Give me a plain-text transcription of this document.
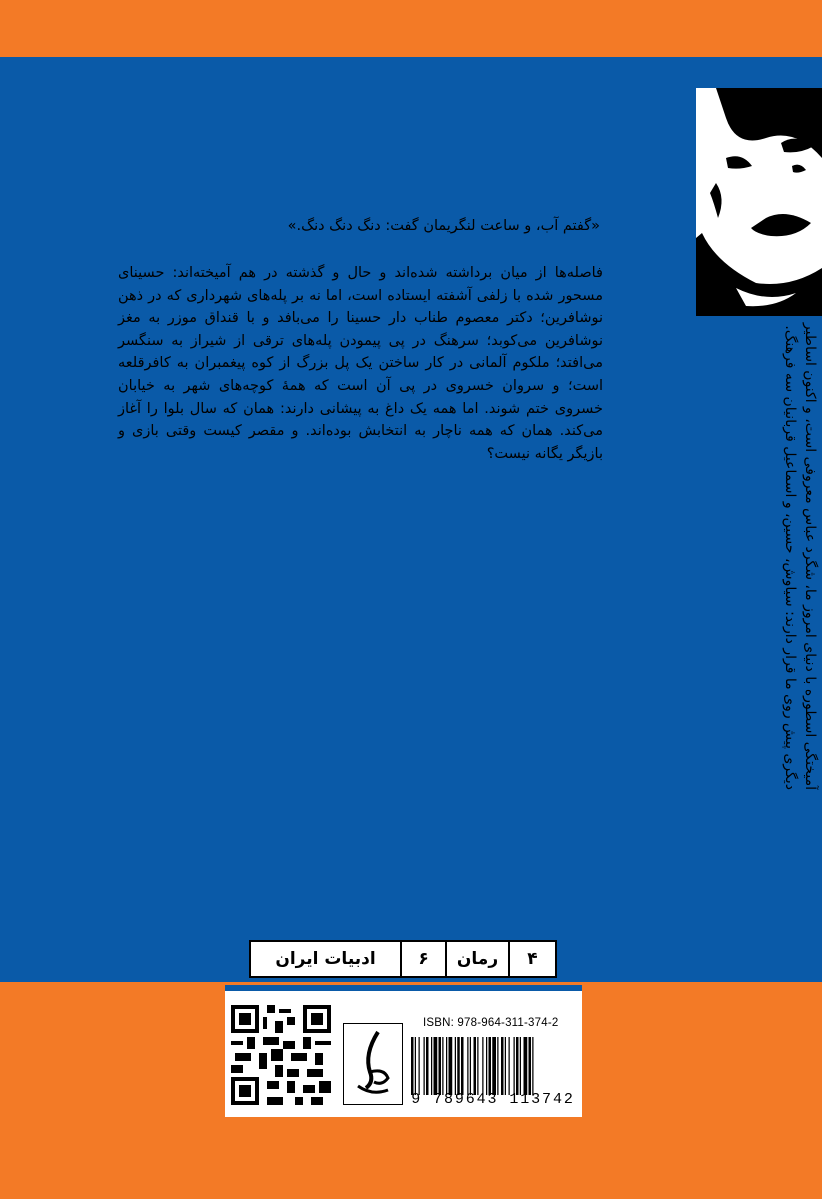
آمیختگی اسطوره با دنیای امروز ما، شگرد عباس معروفی است، و اکنون اساطیر دیگری پیش روی ما قرار دارند: سیاوش، حسین، و اسماعیل قربانیان سه فرهنگ.
«گفتم آب، و ساعت لنگریمان گفت: دنگ دنگ دنگ.»
فاصله‌ها از میان برداشته شده‌اند و حال و گذشته در هم آمیخته‌اند: حسینای مسحور شده با زلفی آشفته ایستاده است، اما نه بر پله‌های شهرداری که در ذهن نوشافرین؛ دکتر معصوم طناب دار حسینا را می‌بافد و با قنداق موزر به مغز نوشافرین می‌کوبد؛ سرهنگ در پی پیمودن پله‌های ترقی از شیراز به سنگسر می‌افتد؛ ملکوم آلمانی در کار ساختن یک پل بزرگ از کوه پیغمبران به کافرقلعه است؛ و سروان خسروی در پی آن است که همهٔ کوچه‌های شهر به خیابان خسروی ختم شوند. اما همه یک داغ به پیشانی دارند: همان که سال بلوا را آغاز می‌کند. همان که همه ناچار به انتخابش بوده‌اند. و مقصر کیست وقتی بازی و بازیگر یگانه نیست؟
۴
رمان
۶
ادبیات ایران
ISBN: 978-964-311-374-2
9 789643 113742
